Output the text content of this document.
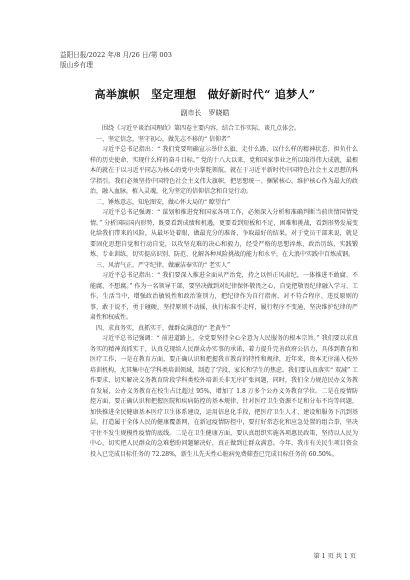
益阳日报/2022 年/8 月/26 日/第 003
版山乡有理
高举旗帜　坚定理想　做好新时代“ 追梦人”
副市长　罗晓皓

围绕《习近平谈治国理政》第四卷主要内容，结合工作实际，谈几点体会。

一、坚定信念，坚守初心，做先志不移的“ 信仰者”

习近平总书记指出：“ 我们党要明确宣示举什么旗、走什么路、以什么样的精神状态、担负什么样的历史使命、实现什么样的奋斗目标。” 党的十八大以来，党和国家事业之所以取得伟大成就，最根本的就在于以习近平同志为核心的党中央掌舵领航，就在于习近平新时代中国特色社会主义思想的科学指引。我们必须坚持中国特色社会主义伟大旗帜，把思想统一、捆紧核心，维护核心作为最大的政治，融入血脉，植入灵魂，化为坚定的信仰信念和自觉行动。

二、锤炼意志，知危图安，做心怀大局的“ 瞭望台”

习近平总书记强调：“ 谋划和推进党和国家各项工作，必须深入分析和准确判断当前世情国情党情。” 分析国际国内形势，既要看到成绩和机遇，更要看到短板和不足，困难和挑战，看到形势发展变化给我们带来的风险，从最坏处着眼，做最充分的准备，争取最好的结果。对于党员干部来说，就是要固化思想自觉和行动自觉，以攻坚克难的决心和毅力，经受严格的思想淬炼、政治历练、实践锻炼、专业训练，切实提高识别、防范、化解各种风险挑战的能力和水平，在大浪中实践中百炼成钢。

三、风清气正，严守纪律，做廉洁奉实的“ 老实人”

习近平总书记指出：“ 我们要深入推进全面从严治党，持之以恒正风肃纪，一体推进不敢腐、不能腐、不想腐。” 作为一名领导干部，要坚决做到对纪律保怀敬畏之心，自觉把敬畏纪律融入学习、工作、生活当中，增强政治敏锐性和政治鉴别力，把纪律作为自行指南，对不符合程序、违反原则的事，敢于说不，勇于碰硬，坚持原则不动摇，执行标准不走样，履行程序不变通，坚决维护纪律的严肃性和权威性。

四、求真务实，真抓实干，做群众满意的“ 老黄牛”

习近平总书记强调：“ 前进道路上，全党要坚持全心全意为人民服务的根本宗旨。” 我们要以求真务实的精神真抓实干，认真兑现给人民群众办实事的承诺，着力提升完善政府公信力，具体到教育和医疗工作，一是在教育方面，要正确认识和把握我市教育的特性和规律，近年来，资本无序涌入校外培训机构，尤其集中在学科类培训领域，制造了学段、家长和学生的焦虑。我们要认真落实“ 双减” 工作要求，切实解决义务教育阶段学科类校外培训关非无序扩张问题，同时，我们全力规范民办义务教育发展，公办义务教育在校生占比超过 95%，增加了 1.8 万多个公办义务教育学位。二是在疫情防控方面，要正确认识和把握医院和疾病防控的基本规律，针对医疗卫生资源不足和分布不均等问题，加快推进全民健康基本医疗卫生体系建设，运用信息化手段，把医疗卫生人才、建设和服务下沉到基层，打造属于全体人民的健康覆盖网，在新冠疫情防控中，要打好常态化和应急处置的组合拳，坚决守住不发生规模性疫情的底线。二是在卫生健康方面，要认真组织实施各项惠民政策，坚持以人民为中心，切实把人民群众的急难愁盼问题解决好，真正做到让群众满意。今年，我市有关民生项目资金投入已完成目标任务的 72.28%，新生儿先天性心脏病免费筛查已完成目标任务的 60.50%。

第 1 页 共 1 页
